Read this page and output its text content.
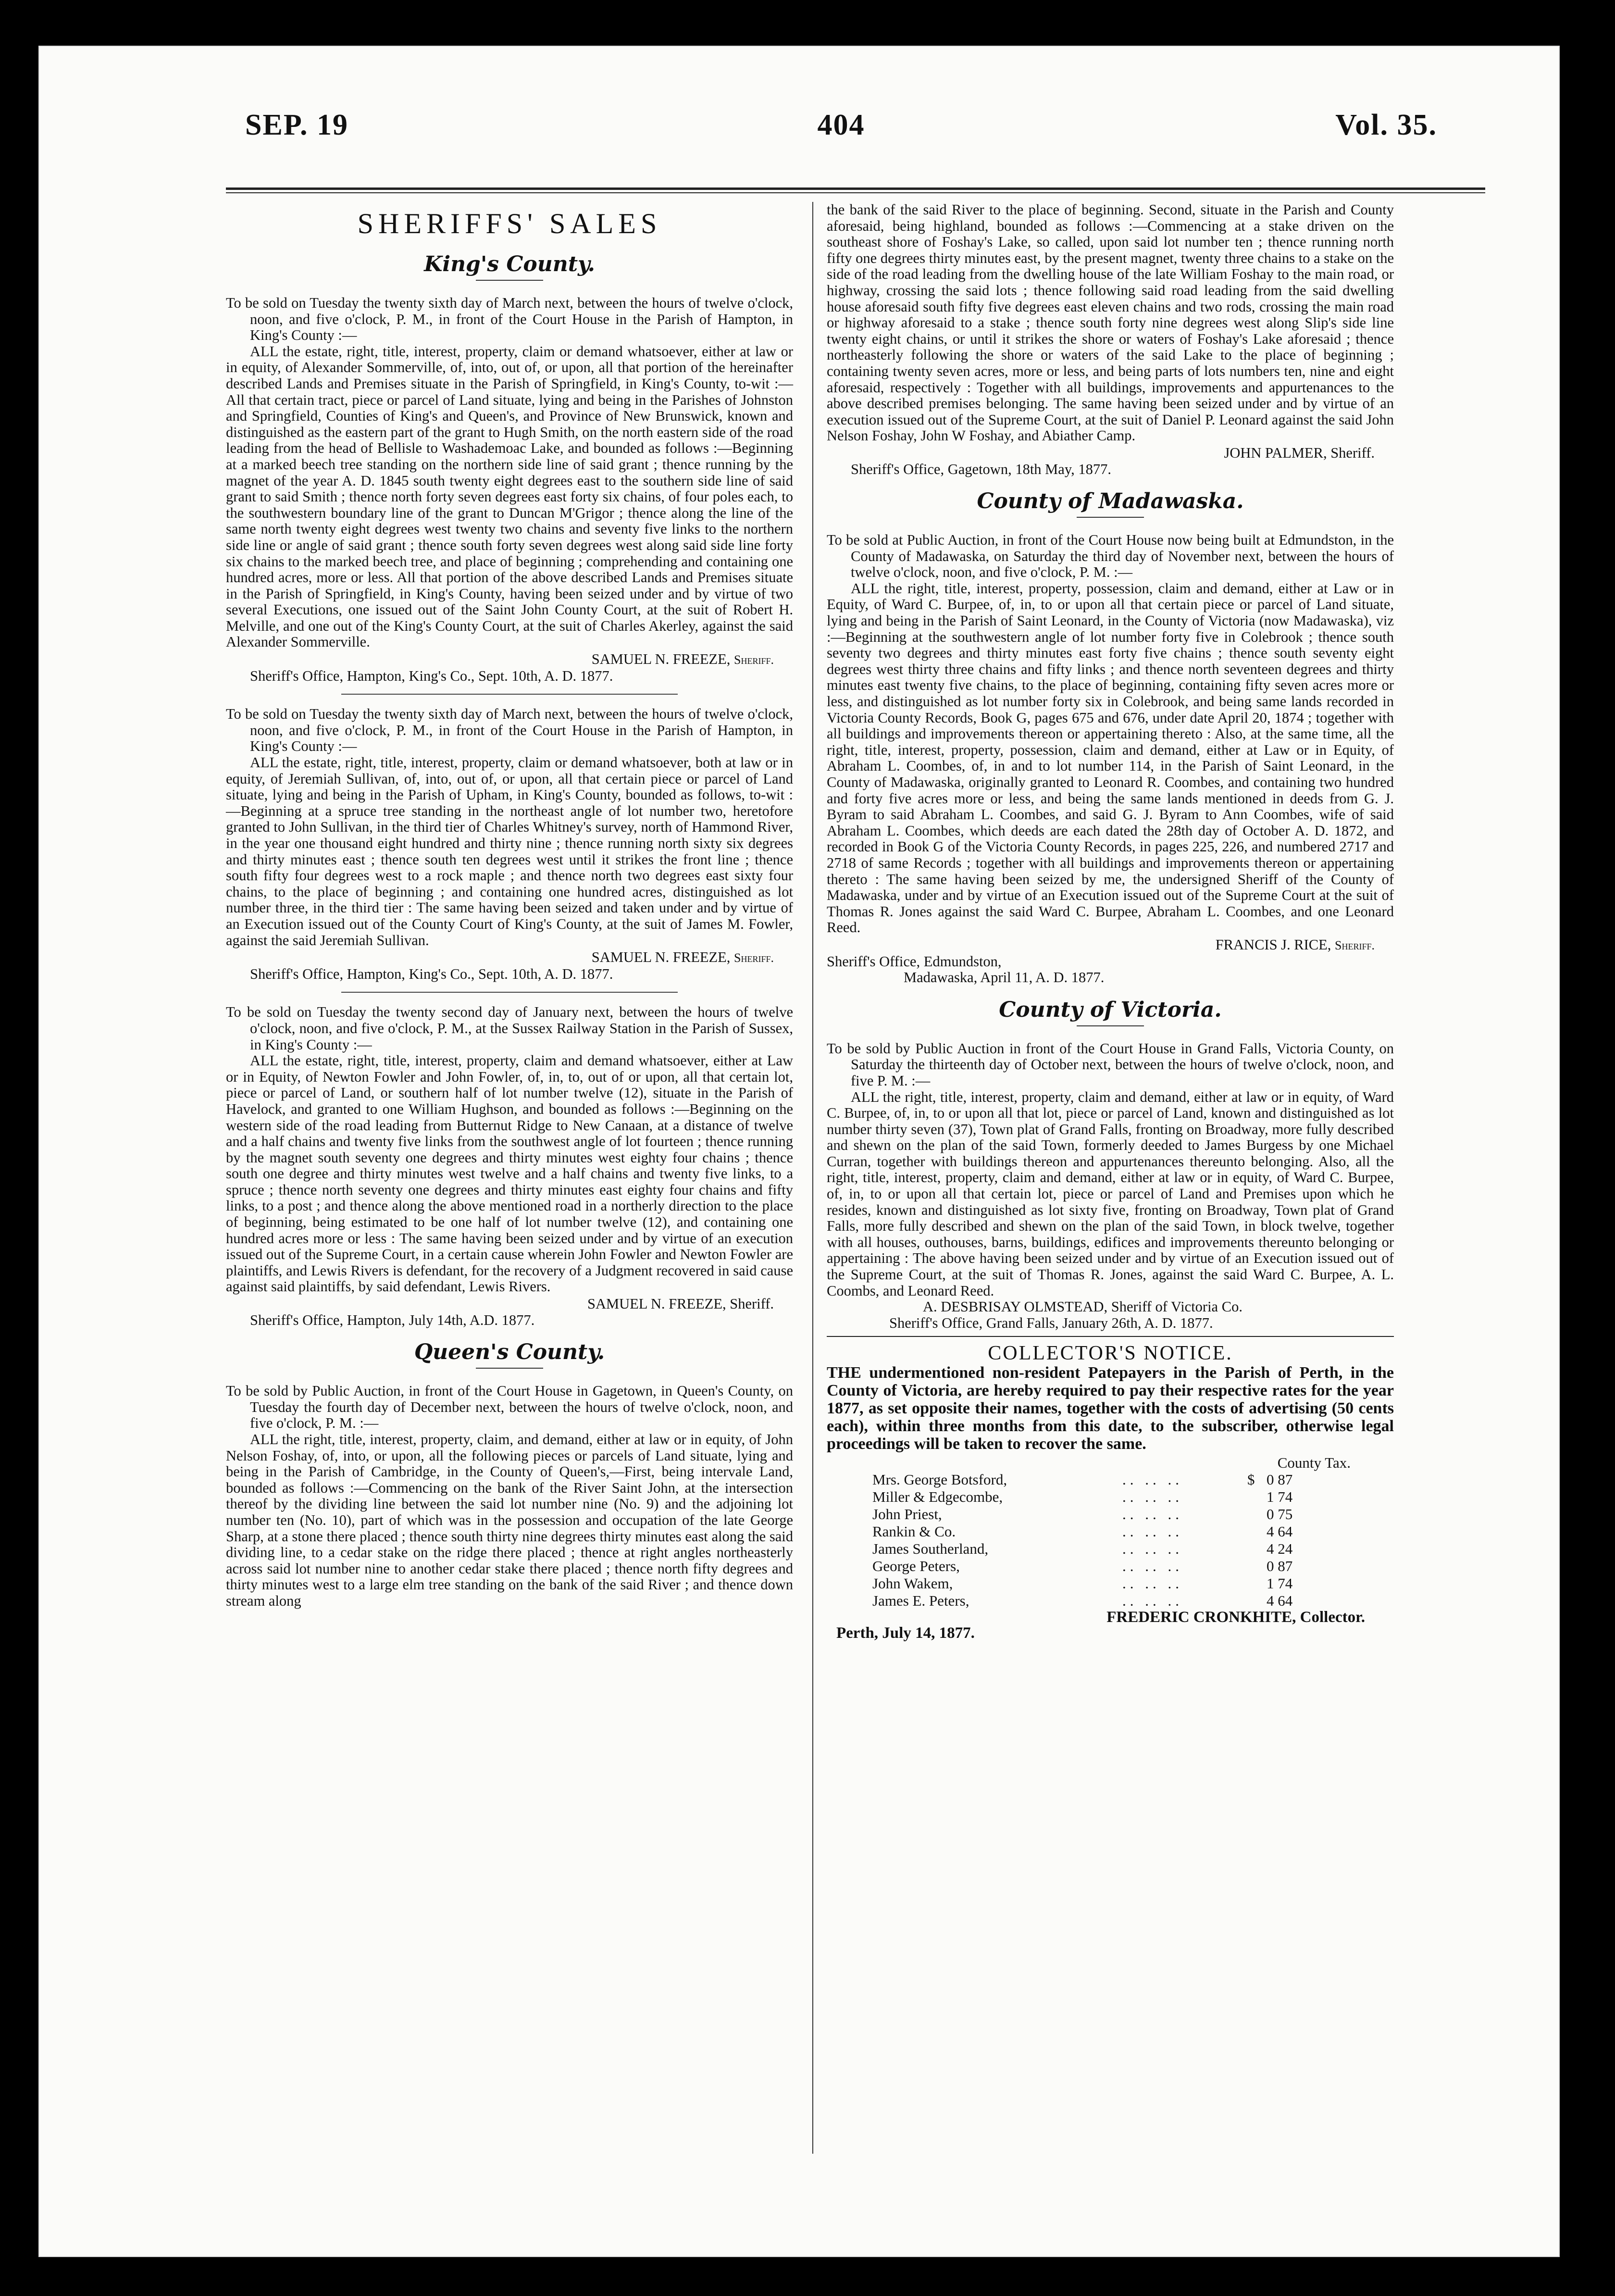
SEP. 19	404	Vol. 35.
SHERIFFS' SALES
King's County.

To be sold on Tuesday the twenty sixth day of March next, between the hours of twelve o'clock, noon, and five o'clock, P. M., in front of the Court House in the Parish of Hampton, in King's County :—

ALL the estate, right, title, interest, property, claim or demand whatsoever, either at law or in equity, of Alexander Sommerville, of, into, out of, or upon, all that portion of the hereinafter described Lands and Premises situate in the Parish of Springfield, in King's County, to-wit :—All that certain tract, piece or parcel of Land situate, lying and being in the Parishes of Johnston and Springfield, Counties of King's and Queen's, and Province of New Brunswick, known and distinguished as the eastern part of the grant to Hugh Smith, on the north eastern side of the road leading from the head of Bellisle to Washademoac Lake, and bounded as follows :—Beginning at a marked beech tree standing on the northern side line of said grant ; thence running by the magnet of the year A. D. 1845 south twenty eight degrees east to the southern side line of said grant to said Smith ; thence north forty seven degrees east forty six chains, of four poles each, to the southwestern boundary line of the grant to Duncan M'Grigor ; thence along the line of the same north twenty eight degrees west twenty two chains and seventy five links to the northern side line or angle of said grant ; thence south forty seven degrees west along said side line forty six chains to the marked beech tree, and place of beginning ; comprehending and containing one hundred acres, more or less. All that portion of the above described Lands and Premises situate in the Parish of Springfield, in King's County, having been seized under and by virtue of two several Executions, one issued out of the Saint John County Court, at the suit of Robert H. Melville, and one out of the King's County Court, at the suit of Charles Akerley, against the said Alexander Sommerville.

SAMUEL N. FREEZE, Sheriff.
Sheriff's Office, Hampton, King's Co., Sept. 10th, A. D. 1877.

To be sold on Tuesday the twenty sixth day of March next, between the hours of twelve o'clock, noon, and five o'clock, P. M., in front of the Court House in the Parish of Hampton, in King's County :—

ALL the estate, right, title, interest, property, claim or demand whatsoever, both at law or in equity, of Jeremiah Sullivan, of, into, out of, or upon, all that certain piece or parcel of Land situate, lying and being in the Parish of Upham, in King's County, bounded as follows, to-wit :—Beginning at a spruce tree standing in the northeast angle of lot number two, heretofore granted to John Sullivan, in the third tier of Charles Whitney's survey, north of Hammond River, in the year one thousand eight hundred and thirty nine ; thence running north sixty six degrees and thirty minutes east ; thence south ten degrees west until it strikes the front line ; thence south fifty four degrees west to a rock maple ; and thence north two degrees east sixty four chains, to the place of beginning ; and containing one hundred acres, distinguished as lot number three, in the third tier : The same having been seized and taken under and by virtue of an Execution issued out of the County Court of King's County, at the suit of James M. Fowler, against the said Jeremiah Sullivan.

SAMUEL N. FREEZE, Sheriff.
Sheriff's Office, Hampton, King's Co., Sept. 10th, A. D. 1877.

To be sold on Tuesday the twenty second day of January next, between the hours of twelve o'clock, noon, and five o'clock, P. M., at the Sussex Railway Station in the Parish of Sussex, in King's County :—

ALL the estate, right, title, interest, property, claim and demand whatsoever, either at Law or in Equity, of Newton Fowler and John Fowler, of, in, to, out of or upon, all that certain lot, piece or parcel of Land, or southern half of lot number twelve (12), situate in the Parish of Havelock, and granted to one William Hughson, and bounded as follows :—Beginning on the western side of the road leading from Butternut Ridge to New Canaan, at a distance of twelve and a half chains and twenty five links from the southwest angle of lot fourteen ; thence running by the magnet south seventy one degrees and thirty minutes west eighty four chains ; thence south one degree and thirty minutes west twelve and a half chains and twenty five links, to a spruce ; thence north seventy one degrees and thirty minutes east eighty four chains and fifty links, to a post ; and thence along the above mentioned road in a northerly direction to the place of beginning, being estimated to be one half of lot number twelve (12), and containing one hundred acres more or less : The same having been seized under and by virtue of an execution issued out of the Supreme Court, in a certain cause wherein John Fowler and Newton Fowler are plaintiffs, and Lewis Rivers is defendant, for the recovery of a Judgment recovered in said cause against said plaintiffs, by said defendant, Lewis Rivers.

SAMUEL N. FREEZE, Sheriff.
Sheriff's Office, Hampton, July 14th, A.D. 1877.
Queen's County.

To be sold by Public Auction, in front of the Court House in Gagetown, in Queen's County, on Tuesday the fourth day of December next, between the hours of twelve o'clock, noon, and five o'clock, P. M. :—

ALL the right, title, interest, property, claim, and demand, either at law or in equity, of John Nelson Foshay, of, into, or upon, all the following pieces or parcels of Land situate, lying and being in the Parish of Cambridge, in the County of Queen's,—First, being intervale Land, bounded as follows :—Commencing on the bank of the River Saint John, at the intersection thereof by the dividing line between the said lot number nine (No. 9) and the adjoining lot number ten (No. 10), part of which was in the possession and occupation of the late George Sharp, at a stone there placed ; thence south thirty nine degrees thirty minutes east along the said dividing line, to a cedar stake on the ridge there placed ; thence at right angles northeasterly across said lot number nine to another cedar stake there placed ; thence north fifty degrees and thirty minutes west to a large elm tree standing on the bank of the said River ; and thence down stream along

the bank of the said River to the place of beginning. Second, situate in the Parish and County aforesaid, being highland, bounded as follows :—Commencing at a stake driven on the southeast shore of Foshay's Lake, so called, upon said lot number ten ; thence running north fifty one degrees thirty minutes east, by the present magnet, twenty three chains to a stake on the side of the road leading from the dwelling house of the late William Foshay to the main road, or highway, crossing the said lots ; thence following said road leading from the said dwelling house aforesaid south fifty five degrees east eleven chains and two rods, crossing the main road or highway aforesaid to a stake ; thence south forty nine degrees west along Slip's side line twenty eight chains, or until it strikes the shore or waters of Foshay's Lake aforesaid ; thence northeasterly following the shore or waters of the said Lake to the place of beginning ; containing twenty seven acres, more or less, and being parts of lots numbers ten, nine and eight aforesaid, respectively : Together with all buildings, improvements and appurtenances to the above described premises belonging. The same having been seized under and by virtue of an execution issued out of the Supreme Court, at the suit of Daniel P. Leonard against the said John Nelson Foshay, John W Foshay, and Abiather Camp.

JOHN PALMER, Sheriff.
Sheriff's Office, Gagetown, 18th May, 1877.
County of Madawaska.

To be sold at Public Auction, in front of the Court House now being built at Edmundston, in the County of Madawaska, on Saturday the third day of November next, between the hours of twelve o'clock, noon, and five o'clock, P. M. :—

ALL the right, title, interest, property, possession, claim and demand, either at Law or in Equity, of Ward C. Burpee, of, in, to or upon all that certain piece or parcel of Land situate, lying and being in the Parish of Saint Leonard, in the County of Victoria (now Madawaska), viz :—Beginning at the southwestern angle of lot number forty five in Colebrook ; thence south seventy two degrees and thirty minutes east forty five chains ; thence south seventy eight degrees west thirty three chains and fifty links ; and thence north seventeen degrees and thirty minutes east twenty five chains, to the place of beginning, containing fifty seven acres more or less, and distinguished as lot number forty six in Colebrook, and being same lands recorded in Victoria County Records, Book G, pages 675 and 676, under date April 20, 1874 ; together with all buildings and improvements thereon or appertaining thereto : Also, at the same time, all the right, title, interest, property, possession, claim and demand, either at Law or in Equity, of Abraham L. Coombes, of, in and to lot number 114, in the Parish of Saint Leonard, in the County of Madawaska, originally granted to Leonard R. Coombes, and containing two hundred and forty five acres more or less, and being the same lands mentioned in deeds from G. J. Byram to said Abraham L. Coombes, and said G. J. Byram to Ann Coombes, wife of said Abraham L. Coombes, which deeds are each dated the 28th day of October A. D. 1872, and recorded in Book G of the Victoria County Records, in pages 225, 226, and numbered 2717 and 2718 of same Records ; together with all buildings and improvements thereon or appertaining thereto : The same having been seized by me, the undersigned Sheriff of the County of Madawaska, under and by virtue of an Execution issued out of the Supreme Court at the suit of Thomas R. Jones against the said Ward C. Burpee, Abraham L. Coombes, and one Leonard Reed.

FRANCIS J. RICE, Sheriff.
Sheriff's Office, Edmundston,
Madawaska, April 11, A. D. 1877.
County of Victoria.

To be sold by Public Auction in front of the Court House in Grand Falls, Victoria County, on Saturday the thirteenth day of October next, between the hours of twelve o'clock, noon, and five P. M. :—

ALL the right, title, interest, property, claim and demand, either at law or in equity, of Ward C. Burpee, of, in, to or upon all that lot, piece or parcel of Land, known and distinguished as lot number thirty seven (37), Town plat of Grand Falls, fronting on Broadway, more fully described and shewn on the plan of the said Town, formerly deeded to James Burgess by one Michael Curran, together with buildings thereon and appurtenances thereunto belonging. Also, all the right, title, interest, property, claim and demand, either at law or in equity, of Ward C. Burpee, of, in, to or upon all that certain lot, piece or parcel of Land and Premises upon which he resides, known and distinguished as lot sixty five, fronting on Broadway, Town plat of Grand Falls, more fully described and shewn on the plan of the said Town, in block twelve, together with all houses, outhouses, barns, buildings, edifices and improvements thereunto belonging or appertaining : The above having been seized under and by virtue of an Execution issued out of the Supreme Court, at the suit of Thomas R. Jones, against the said Ward C. Burpee, A. L. Coombs, and Leonard Reed.

A. DESBRISAY OLMSTEAD, Sheriff of Victoria Co.
Sheriff's Office, Grand Falls, January 26th, A. D. 1877.
COLLECTOR'S NOTICE.
THE undermentioned non-resident Patepayers in the Parish of Perth, in the County of Victoria, are hereby required to pay their respective rates for the year 1877, as set opposite their names, together with the costs of advertising (50 cents each), within three months from this date, to the subscriber, otherwise legal proceedings will be taken to recover the same.
County Tax.
Mrs. George Botsford,	.. .. ..	$	0 87
Miller & Edgecombe,	.. .. ..		1 74
John Priest,	.. .. ..		0 75
Rankin & Co.	.. .. ..		4 64
James Southerland,	.. .. ..		4 24
George Peters,	.. .. ..		0 87
John Wakem,	.. .. ..		1 74
James E. Peters,	.. .. ..		4 64
FREDERIC CRONKHITE, Collector.
Perth, July 14, 1877.
